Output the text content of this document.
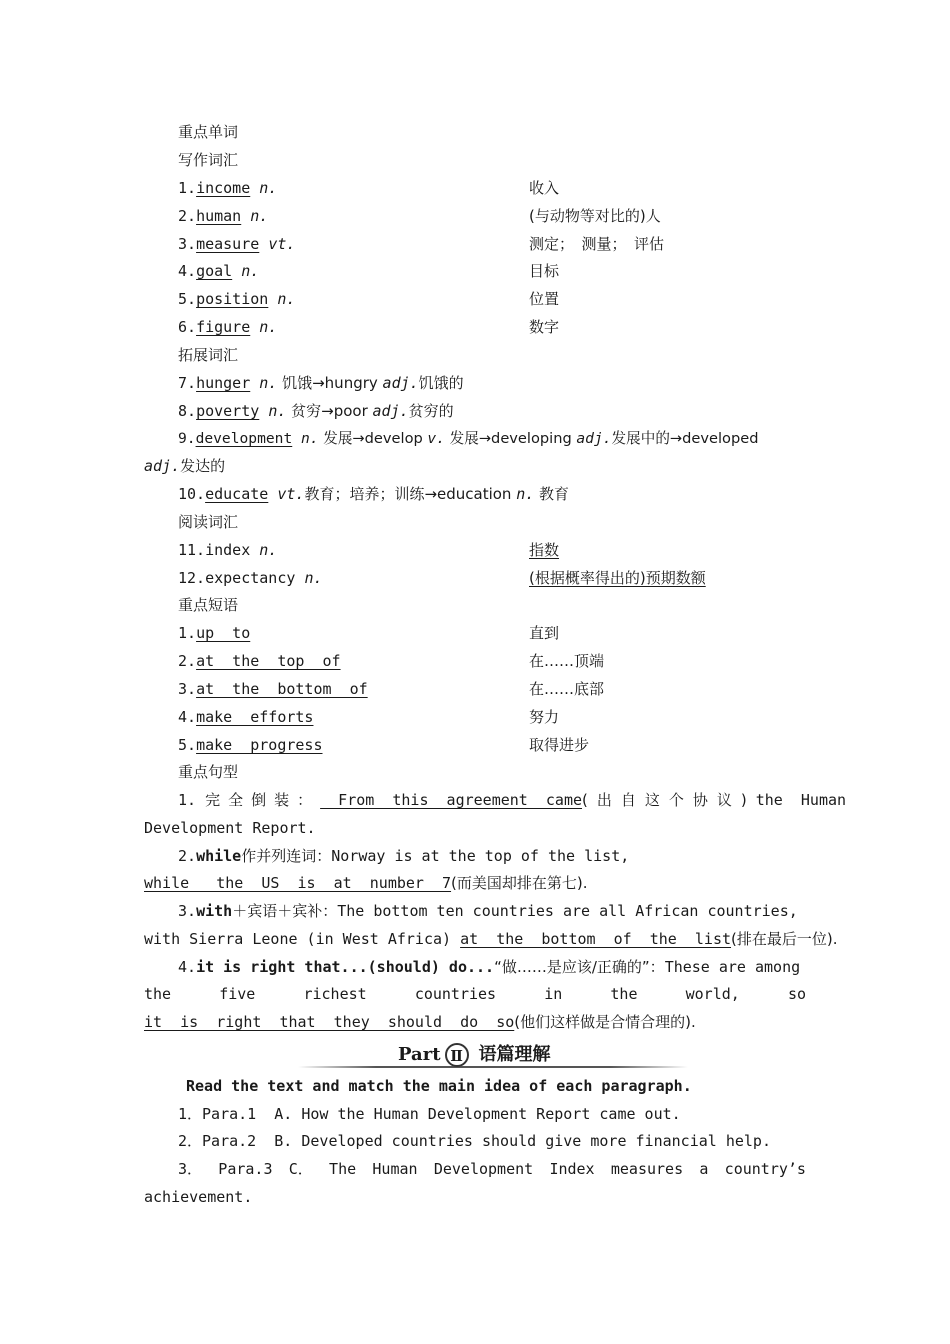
重点单词
写作词汇
1.income n.	收入
2.human n.	(与动物等对比的)人
3.measure vt.	测定；　测量；　评估
4.goal n.	目标
5.position n.	位置
6.figure n.	数字
拓展词汇
7.hunger n. 饥饿→hungry adj.饥饿的
8.poverty n. 贫穷→poor adj.贫穷的
9.development n. 发展→develop v. 发展→developing adj.发展中的→developed
adj.发达的
10.educate vt.教育；培养；训练→education n. 教育
阅读词汇
11.index n.	指数
12.expectancy n.	(根据概率得出的)预期数额
重点短语
1.up  to	直到
2.at  the  top  of	在……顶端
3.at  the  bottom  of	在……底部
4.make  efforts	努力
5.make  progress	取得进步
重点句型
1. 完全倒装： From  this  agreement  came (出自这个协议) the  Human
Development Report.
2.while作并列连词：Norway is at the top of the list,
while   the  US  is  at  number  7(而美国却排在第七).
3.with＋宾语＋宾补：The bottom ten countries are all African countries,
with Sierra Leone (in West Africa) at  the  bottom  of  the  list(排在最后一位).
4.it is right that...(should) do...“做……是应该/正确的”：These are among
the	five	richest	countries	in	the	world,	so
it  is  right  that  they  should  do  so(他们这样做是合情合理的).
Part Ⅱ 语篇理解
Read the text and match the main idea of each paragraph.
1．Para.1  A. How the Human Development Report came out.
2．Para.2  B. Developed countries should give more financial help.
3． Para.3 C． The Human Development Index measures a country’s
achievement.
